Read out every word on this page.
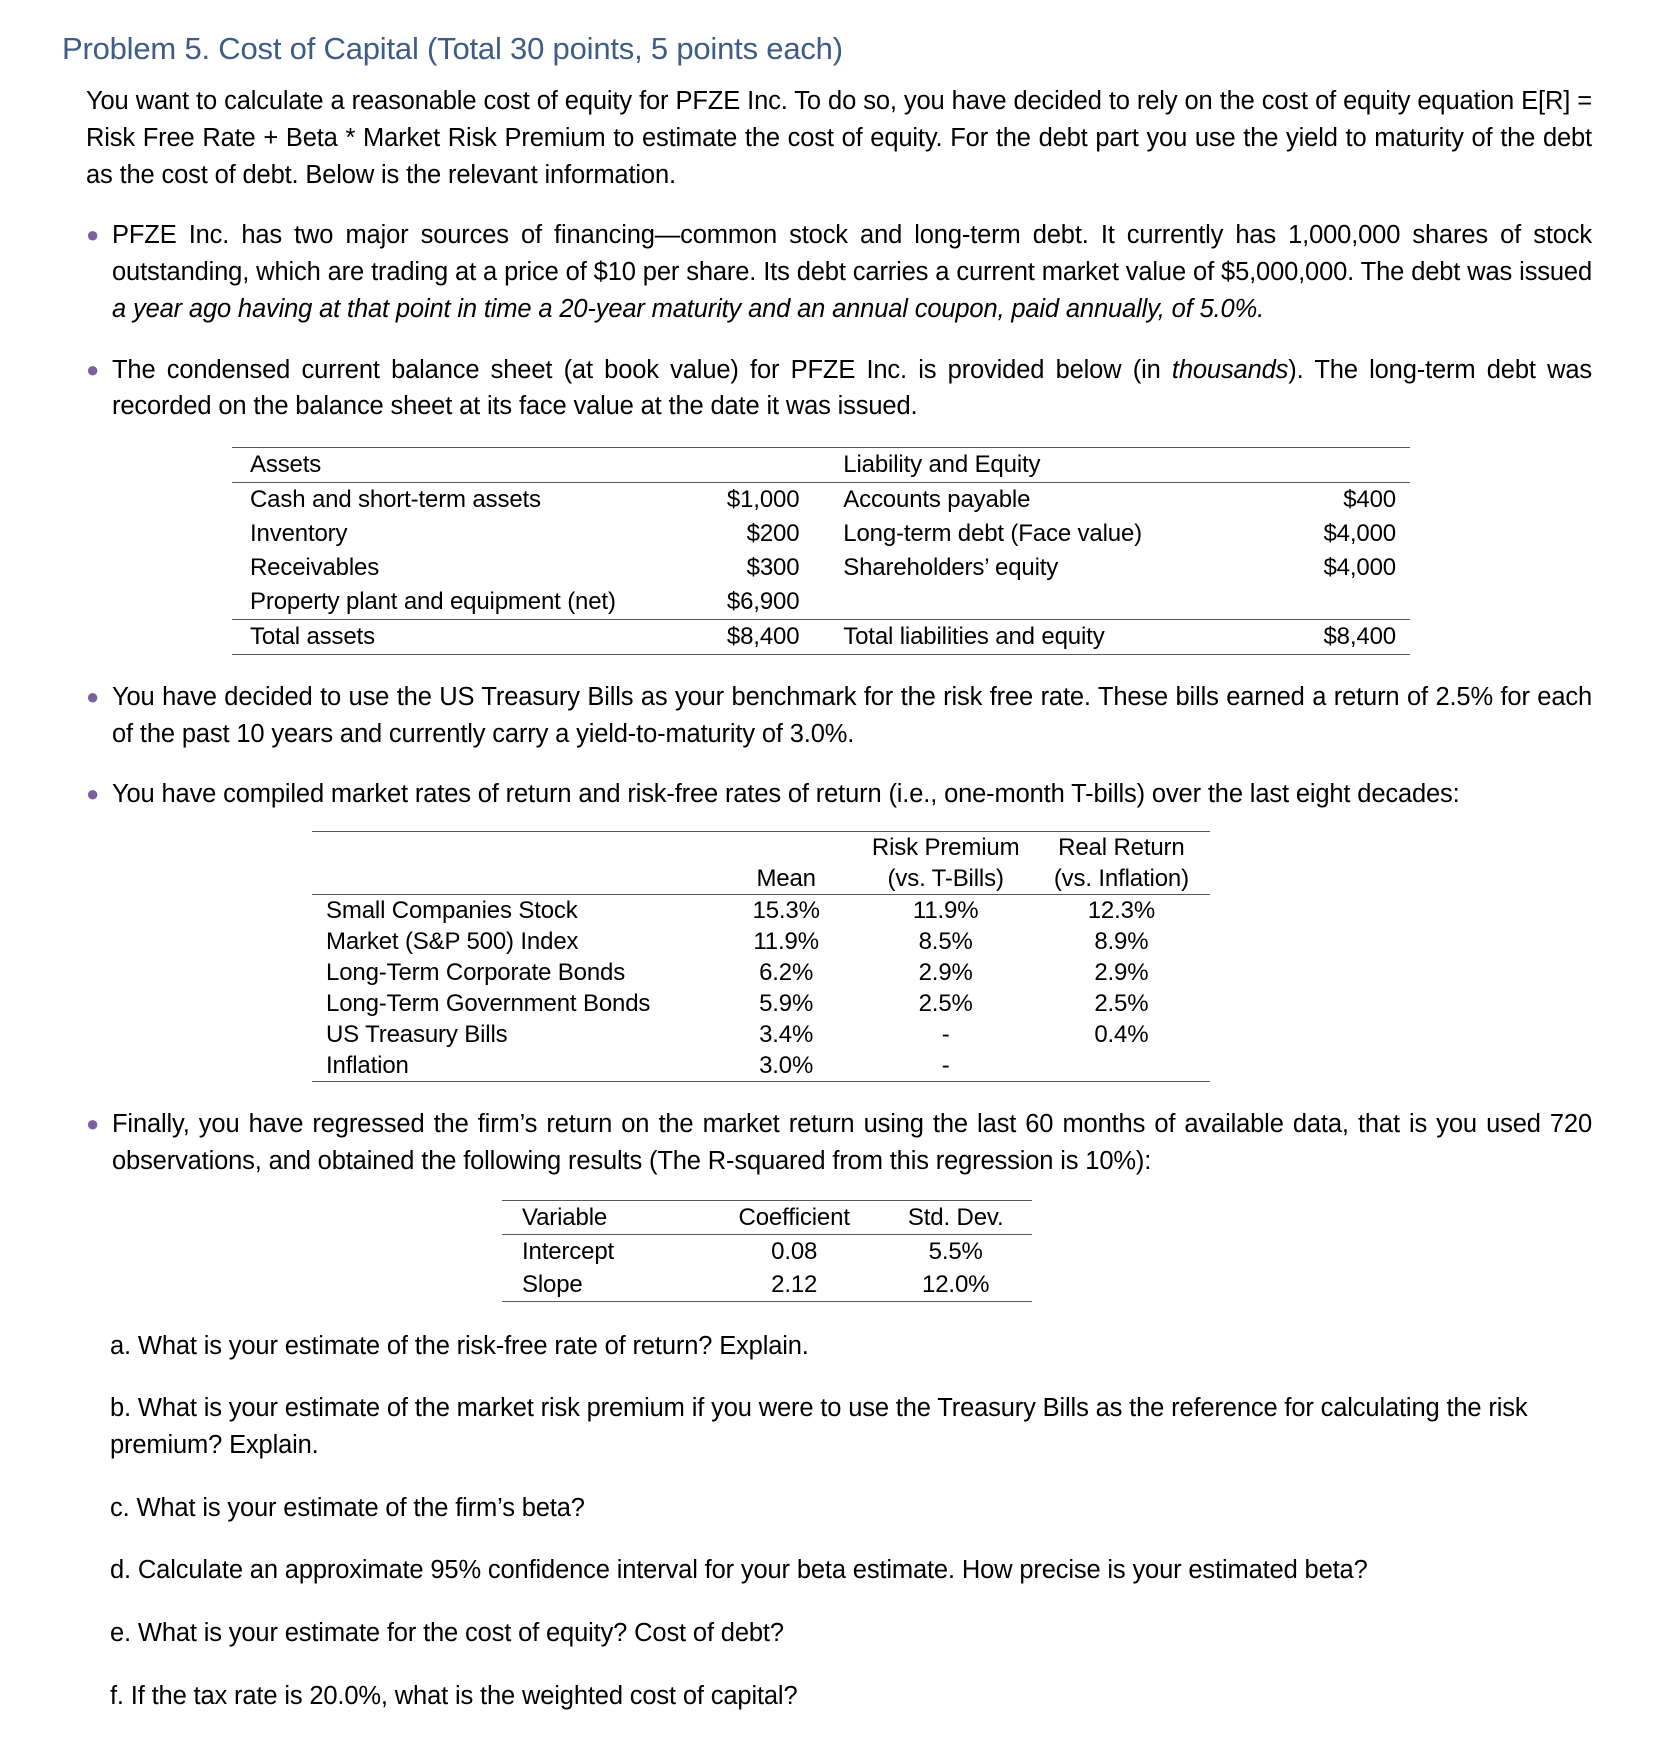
Problem 5. Cost of Capital (Total 30 points, 5 points each)

You want to calculate a reasonable cost of equity for PFZE Inc. To do so, you have decided to rely on the cost of equity equation E[R] = Risk Free Rate + Beta * Market Risk Premium to estimate the cost of equity. For the debt part you use the yield to maturity of the debt as the cost of debt. Below is the relevant information.

● PFZE Inc. has two major sources of financing—common stock and long-term debt. It currently has 1,000,000 shares of stock outstanding, which are trading at a price of $10 per share. Its debt carries a current market value of $5,000,000. The debt was issued a year ago having at that point in time a 20-year maturity and an annual coupon, paid annually, of 5.0%.
● The condensed current balance sheet (at book value) for PFZE Inc. is provided below (in thousands). The long-term debt was recorded on the balance sheet at its face value at the date it was issued.
Assets			Liability and Equity	
Cash and short-term assets	$1,000		Accounts payable	$400
Inventory	$200		Long-term debt (Face value)	$4,000
Receivables	$300		Shareholders’ equity	$4,000
Property plant and equipment (net)	$6,900			
Total assets	$8,400		Total liabilities and equity	$8,400
● You have decided to use the US Treasury Bills as your benchmark for the risk free rate. These bills earned a return of 2.5% for each of the past 10 years and currently carry a yield-to-maturity of 3.0%.
● You have compiled market rates of return and risk-free rates of return (i.e., one-month T-bills) over the last eight decades:
	Mean	Risk Premium	Real Return
		(vs. T-Bills)	(vs. Inflation)
Small Companies Stock	15.3%	11.9%	12.3%
Market (S&P 500) Index	11.9%	8.5%	8.9%
Long-Term Corporate Bonds	6.2%	2.9%	2.9%
Long-Term Government Bonds	5.9%	2.5%	2.5%
US Treasury Bills	3.4%	-	0.4%
Inflation	3.0%	-	
● Finally, you have regressed the firm’s return on the market return using the last 60 months of available data, that is you used 720 observations, and obtained the following results (The R-squared from this regression is 10%):
Variable	Coefficient	Std. Dev.
Intercept	0.08	5.5%
Slope	2.12	12.0%
a. What is your estimate of the risk-free rate of return? Explain.
b. What is your estimate of the market risk premium if you were to use the Treasury Bills as the reference for calculating the risk premium? Explain.
c. What is your estimate of the firm’s beta?
d. Calculate an approximate 95% confidence interval for your beta estimate. How precise is your estimated beta?
e. What is your estimate for the cost of equity? Cost of debt?
f. If the tax rate is 20.0%, what is the weighted cost of capital?
